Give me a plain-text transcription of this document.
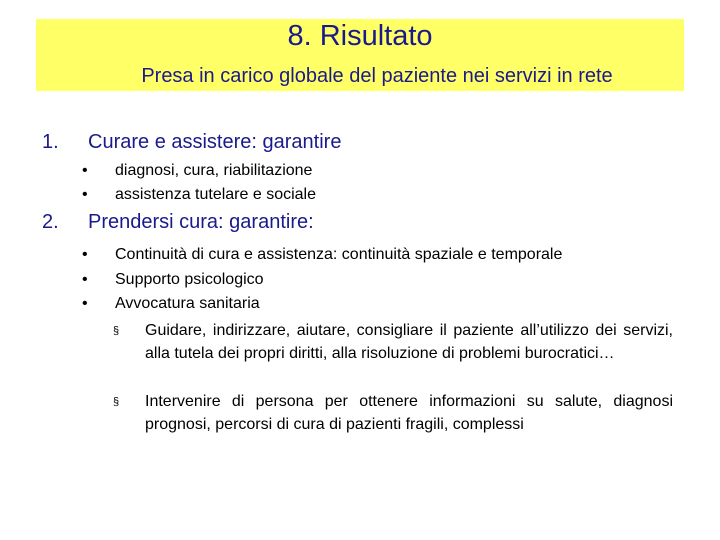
8. Risultato
Presa in carico globale del paziente nei servizi in rete
1. Curare e assistere: garantire
• diagnosi, cura, riabilitazione
• assistenza tutelare e sociale
2. Prendersi cura: garantire:
• Continuità di cura e assistenza: continuità spaziale e temporale
• Supporto psicologico
• Avvocatura sanitaria
§ Guidare, indirizzare, aiutare, consigliare il paziente all’utilizzo dei servizi, alla tutela dei propri diritti, alla risoluzione di problemi burocratici…
§ Intervenire di persona per ottenere informazioni su salute, diagnosi prognosi, percorsi di cura di pazienti fragili, complessi
